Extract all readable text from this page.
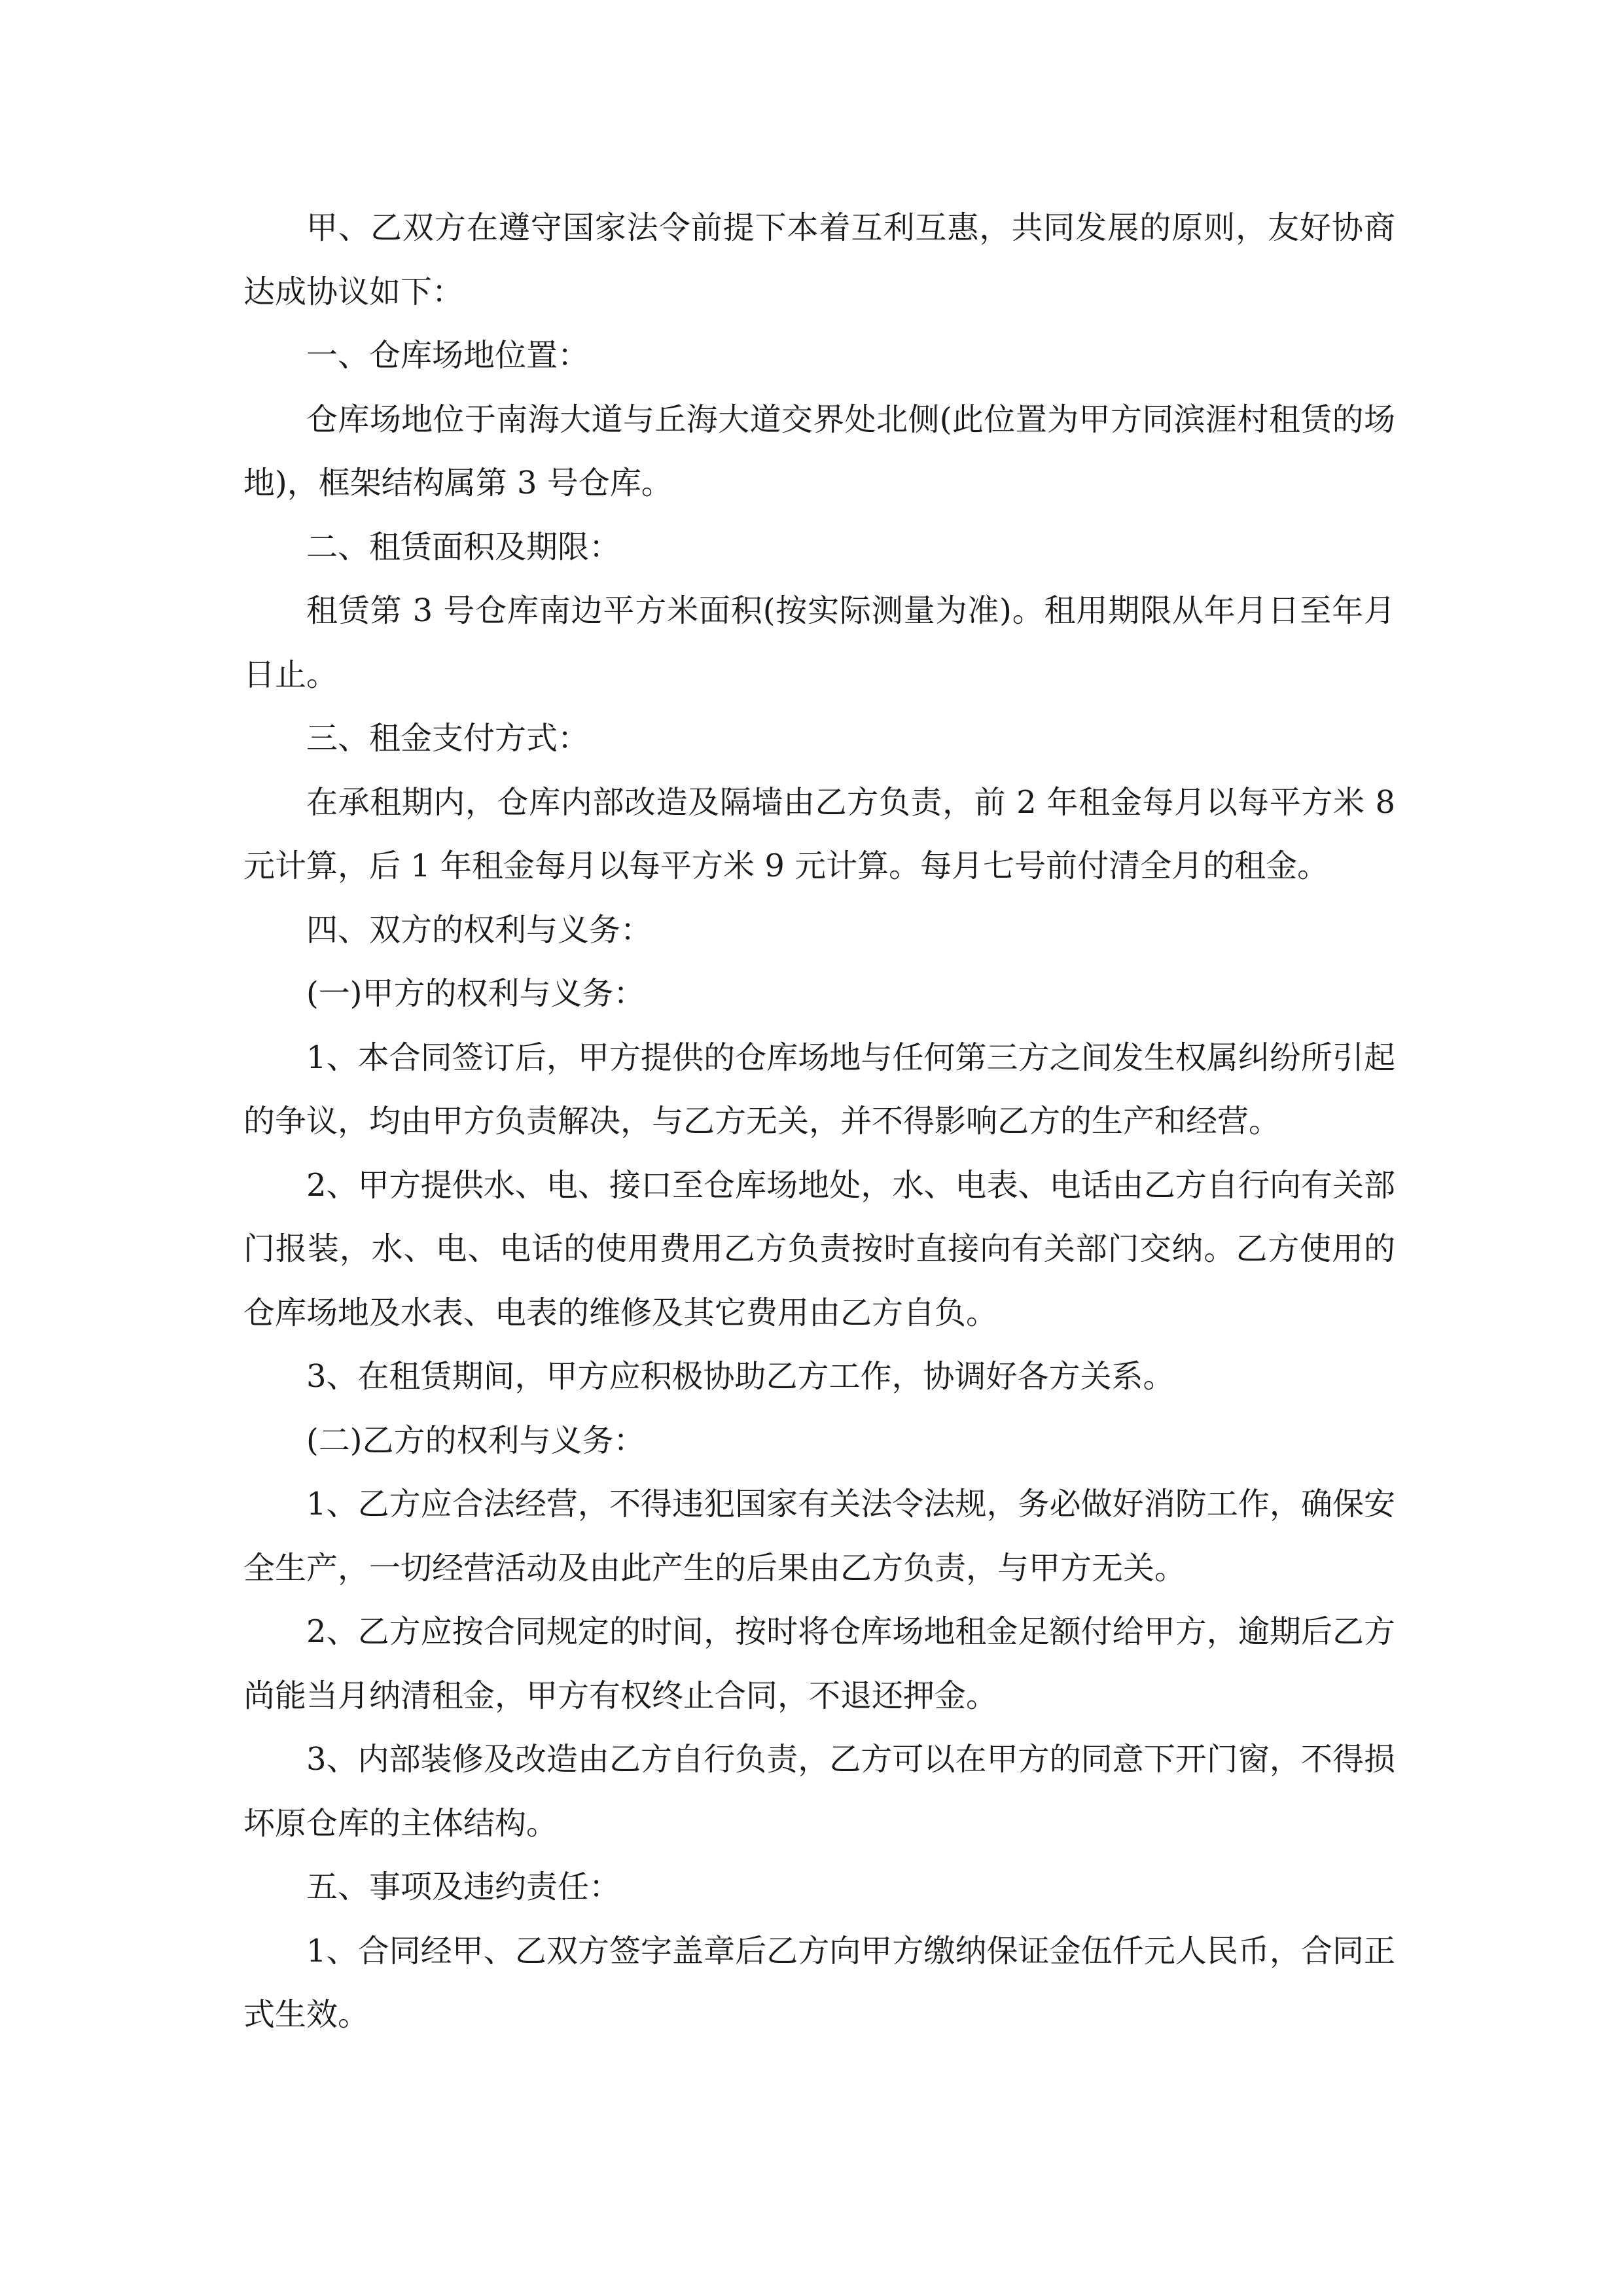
甲、乙双方在遵守国家法令前提下本着互利互惠，共同发展的原则，友好协商达成协议如下：

一、仓库场地位置：

仓库场地位于南海大道与丘海大道交界处北侧(此位置为甲方同滨涯村租赁的场地)，框架结构属第 3 号仓库。

二、租赁面积及期限：

租赁第 3 号仓库南边平方米面积(按实际测量为准)。租用期限从年月日至年月日止。

三、租金支付方式：

在承租期内，仓库内部改造及隔墙由乙方负责，前 2 年租金每月以每平方米 8 元计算，后 1 年租金每月以每平方米 9 元计算。每月七号前付清全月的租金。

四、双方的权利与义务：

(一)甲方的权利与义务：

1、本合同签订后，甲方提供的仓库场地与任何第三方之间发生权属纠纷所引起的争议，均由甲方负责解决，与乙方无关，并不得影响乙方的生产和经营。

2、甲方提供水、电、接口至仓库场地处，水、电表、电话由乙方自行向有关部门报装，水、电、电话的使用费用乙方负责按时直接向有关部门交纳。乙方使用的仓库场地及水表、电表的维修及其它费用由乙方自负。

3、在租赁期间，甲方应积极协助乙方工作，协调好各方关系。

(二)乙方的权利与义务：

1、乙方应合法经营，不得违犯国家有关法令法规，务必做好消防工作，确保安全生产，一切经营活动及由此产生的后果由乙方负责，与甲方无关。

2、乙方应按合同规定的时间，按时将仓库场地租金足额付给甲方，逾期后乙方尚能当月纳清租金，甲方有权终止合同，不退还押金。

3、内部装修及改造由乙方自行负责，乙方可以在甲方的同意下开门窗，不得损坏原仓库的主体结构。

五、事项及违约责任：

1、合同经甲、乙双方签字盖章后乙方向甲方缴纳保证金伍仟元人民币，合同正式生效。
